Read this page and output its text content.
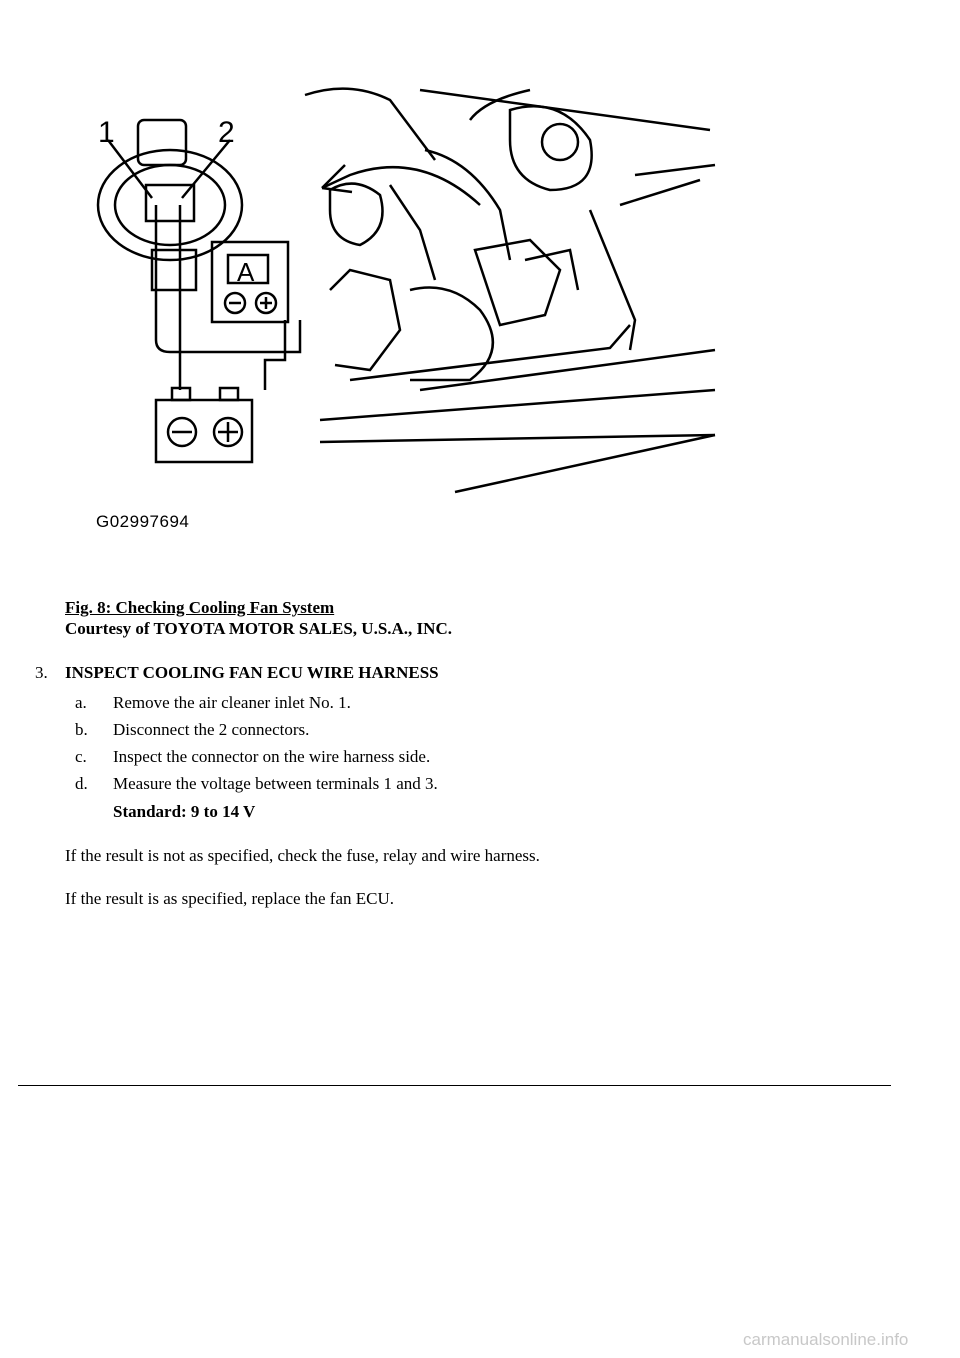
1	2
A
G02997694
Fig. 8: Checking Cooling Fan System
Courtesy of TOYOTA MOTOR SALES, U.S.A., INC.
3. INSPECT COOLING FAN ECU WIRE HARNESS
a. Remove the air cleaner inlet No. 1.
b. Disconnect the 2 connectors.
c. Inspect the connector on the wire harness side.
d. Measure the voltage between terminals 1 and 3.
Standard: 9 to 14 V
If the result is not as specified, check the fuse, relay and wire harness.
If the result is as specified, replace the fan ECU.
carmanualsonline.info
